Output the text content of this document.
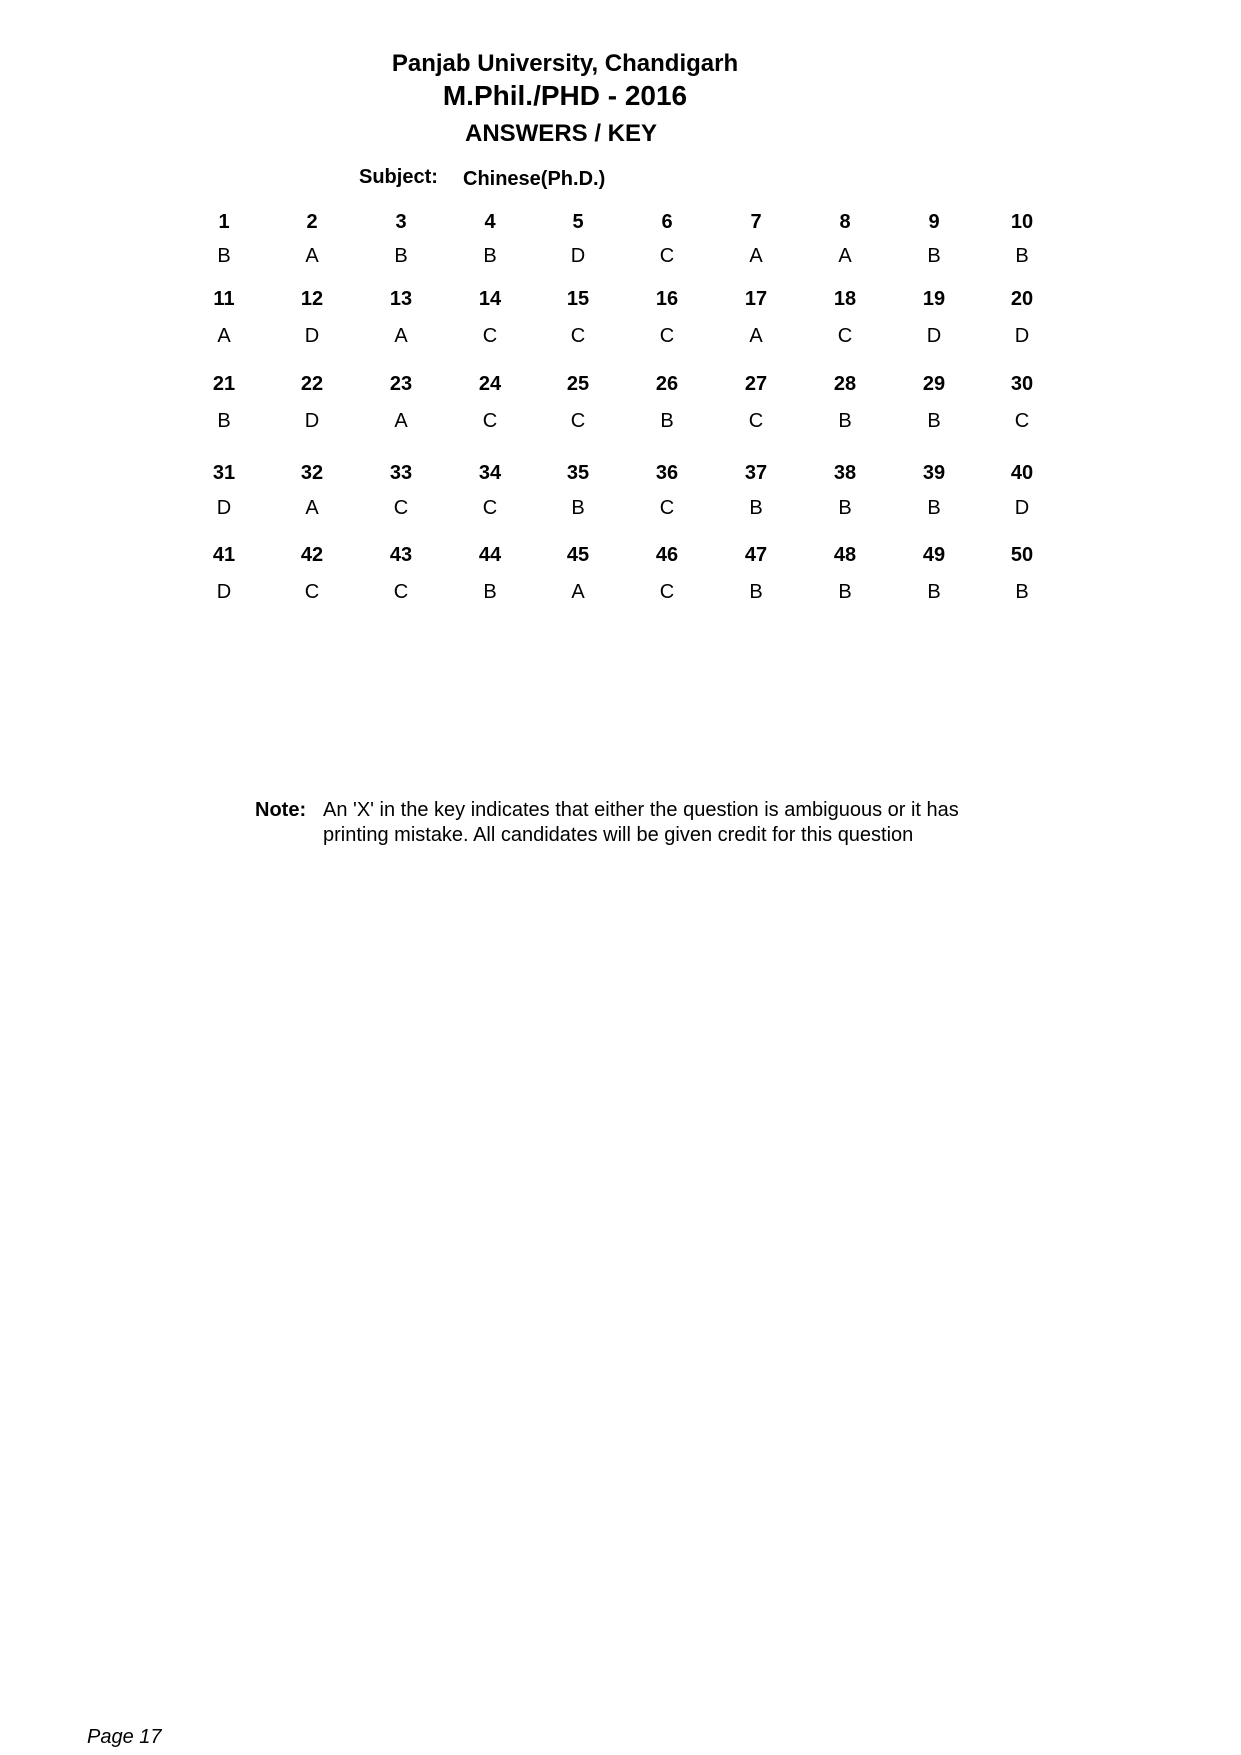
Panjab University, Chandigarh
M.Phil./PHD - 2016
ANSWERS / KEY
Subject: Chinese(Ph.D.)
1
B
2
A
3
B
4
B
5
D
6
C
7
A
8
A
9
B
10
B
11
A
12
D
13
A
14
C
15
C
16
C
17
A
18
C
19
D
20
D
21
B
22
D
23
A
24
C
25
C
26
B
27
C
28
B
29
B
30
C
31
D
32
A
33
C
34
C
35
B
36
C
37
B
38
B
39
B
40
D
41
D
42
C
43
C
44
B
45
A
46
C
47
B
48
B
49
B
50
B
Note: An 'X' in the key indicates that either the question is ambiguous or it has
printing mistake. All candidates will be given credit for this question
Page 17
